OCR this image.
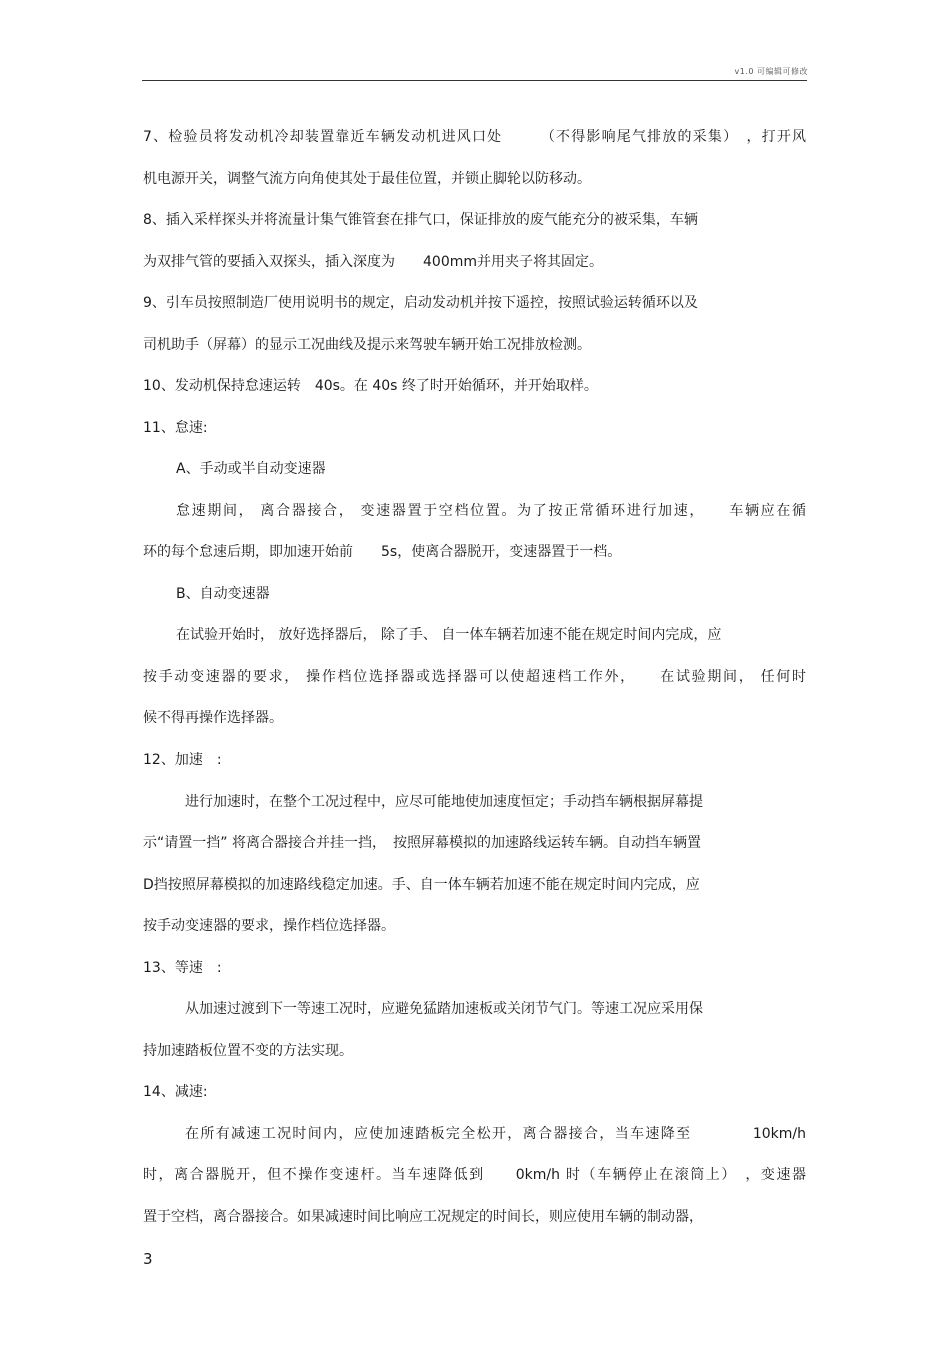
v1.0 可编辑可修改
7、检验员将发动机冷却装置靠近车辆发动机进风口处　　　（不得影响尾气排放的采集）　，打开风
机电源开关，调整气流方向角使其处于最佳位置，并锁止脚轮以防移动。
8、插入采样探头并将流量计集气锥管套在排气口，保证排放的废气能充分的被采集，车辆
为双排气管的要插入双探头，插入深度为　　400mm并用夹子将其固定。
9、引车员按照制造厂使用说明书的规定，启动发动机并按下遥控，按照试验运转循环以及
司机助手（屏幕）的显示工况曲线及提示来驾驶车辆开始工况排放检测。
10、发动机保持怠速运转　40s。在 40s 终了时开始循环，并开始取样。
11、怠速:
A、手动或半自动变速器
怠速期间， 离合器接合， 变速器置于空档位置。为了按正常循环进行加速，　　车辆应在循
环的每个怠速后期，即加速开始前　　5s，使离合器脱开，变速器置于一档。
B、自动变速器
在试验开始时， 放好选择器后， 除了手、 自一体车辆若加速不能在规定时间内完成，应
按手动变速器的要求， 操作档位选择器或选择器可以使超速档工作外，　　在试验期间， 任何时
候不得再操作选择器。
12、加速　:
进行加速时，在整个工况过程中，应尽可能地使加速度恒定；手动挡车辆根据屏幕提
示“请置一挡” 将离合器接合并挂一挡，　按照屏幕模拟的加速路线运转车辆。自动挡车辆置
D挡按照屏幕模拟的加速路线稳定加速。手、自一体车辆若加速不能在规定时间内完成，应
按手动变速器的要求，操作档位选择器。
13、等速　:
从加速过渡到下一等速工况时，应避免猛踏加速板或关闭节气门。等速工况应采用保
持加速踏板位置不变的方法实现。
14、减速:
在所有减速工况时间内，应使加速踏板完全松开，离合器接合，当车速降至　　　　10km/h
时，离合器脱开，但不操作变速杆。当车速降低到　　0km/h 时（车辆停止在滚筒上）　，变速器
置于空档，离合器接合。如果减速时间比响应工况规定的时间长，则应使用车辆的制动器，
3
